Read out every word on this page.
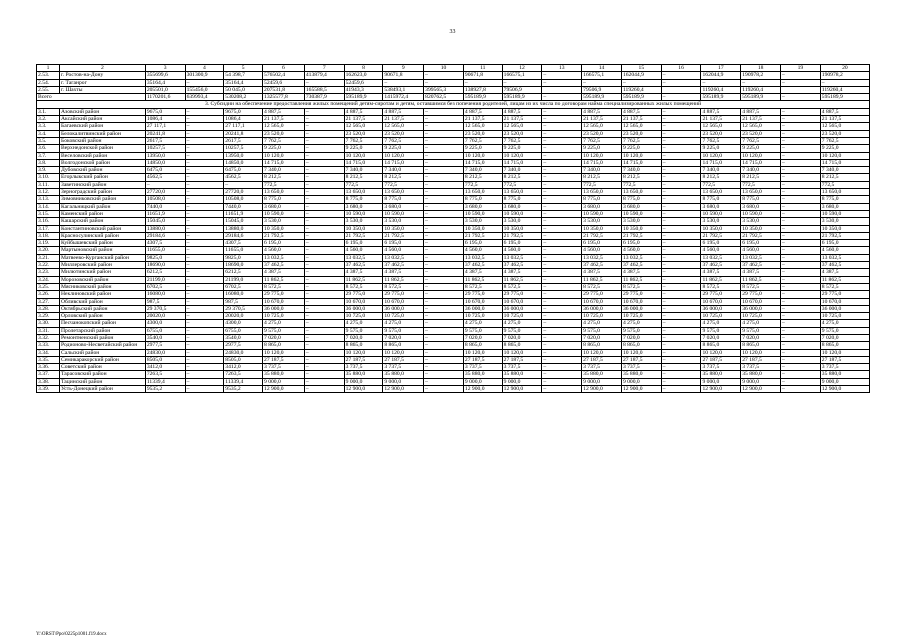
33
1	2	3	4	5	6	7	8	9	10	11	12	13	14	15	16	17	18	19	20
2.53.	г. Ростов-на-Дону	355699,6	301300,9	54 398,7	576502,4	413879,4	162623,0	90671,8	–	90671,8	166575,1	–	166575,1	162044,9	–	162044,9	190978,2	–	190978,2
2.54.	г. Таганрог	35164,4	–	35164,4	52459,6	–	52459,6	–	–	–	–	–	–	–	–	–	–	–	–
2.55.	г. Шахты	205501,0	155456,0	50 045,0	207531,8	165588,5	41943,3	538493,1	399565,3	138927,8	79506,9		79506,9	119260,4		119260,4	119260,4		119260,4
Всего		1170201,6	639993,4	530208,2	1325577,8	730387,9	595189,9	1415972,4	820762,5	595189,9	595189,9	–	595189,9	595189,9	–	595189,9	595189,9	–	595189,9
3. Субсидии на обеспечение предоставления жилых помещений детям-сиротам и детям, оставшимся без попечения родителей, лицам из их числа по договорам найма специализированных жилых помещений																			
3.1.	Азовский район	9675,0	–	9675,0	4 887,5	–	4 887,5	4 887,5	–	4 887,5	4 887,5	–	4 887,5	4 887,5	–	4 887,5	4 887,5	–	4 887,5
3.2.	Аксайский район	1086,4	–	1086,4	21 137,5	–	21 137,5	21 137,5	–	21 137,5	21 137,5	–	21 137,5	21 137,5	–	21 137,5	21 137,5	–	21 137,5
3.3.	Багаевский район	27 117,1	–	27 117,1	12 565,0	–	12 565,0	12 565,0	–	12 565,0	12 565,0	–	12 565,0	12 565,0	–	12 565,0	12 565,0	–	12 565,0
3.4.	Белокалитвинский район	20241,8	–	20241,8	23 520,0	–	23 520,0	23 520,0	–	23 520,0	23 520,0	–	23 520,0	23 520,0	–	23 520,0	23 520,0	–	23 520,0
3.5.	Боковский район	2617,5	–	2617,5	7 762,5	–	7 762,5	7 762,5	–	7 762,5	7 762,5	–	7 762,5	7 762,5	–	7 762,5	7 762,5	–	7 762,5
3.6.	Верхнедонской район	10257,5	–	10257,5	9 225,0	–	9 225,0	9 225,0	–	9 225,0	9 225,0	–	9 225,0	9 225,0	–	9 225,0	9 225,0	–	9 225,0
3.7.	Веселовский район	13950,0	–	13950,0	10 120,0	–	10 120,0	10 120,0	–	10 120,0	10 120,0	–	10 120,0	10 120,0	–	10 120,0	10 120,0	–	10 120,0
3.8.	Волгодонской район	14850,0	–	14850,0	14 715,0	–	14 715,0	14 715,0	–	14 715,0	14 715,0	–	14 715,0	14 715,0	–	14 715,0	14 715,0	–	14 715,0
3.9.	Дубовский район	6475,0	–	6475,0	7 340,0	–	7 340,0	7 340,0	–	7 340,0	7 340,0	–	7 340,0	7 340,0	–	7 340,0	7 340,0	–	7 340,0
3.10.	Егорлыкский район	4562,5	–	4562,5	8 212,5	–	8 212,5	8 212,5	–	8 212,5	8 212,5	–	8 212,5	8 212,5	–	8 212,5	8 212,5	–	8 212,5
3.11.	Заветинский район	–	–	–	772,5	–	772,5	772,5	–	772,5	772,5	–	772,5	772,5	–	772,5	772,5	–	772,5
3.12.	Зерноградский район	27720,0	–	27720,0	13 650,0	–	13 650,0	13 650,0	–	13 650,0	13 650,0	–	13 650,0	13 650,0	–	13 650,0	13 650,0	–	13 650,0
3.13.	Зимовниковский район	10508,0	–	10508,0	8 775,0	–	8 775,0	8 775,0	–	8 775,0	8 775,0	–	8 775,0	8 775,0	–	8 775,0	8 775,0	–	8 775,0
3.14.	Кагальницкий район	7440,0	–	7440,0	3 680,0	–	3 680,0	3 680,0	–	3 680,0	3 680,0	–	3 680,0	3 680,0	–	3 680,0	3 680,0	–	3 680,0
3.15.	Каменский район	11651,9	–	11651,9	10 590,0	–	10 590,0	10 590,0	–	10 590,0	10 590,0	–	10 590,0	10 590,0	–	10 590,0	10 590,0	–	10 590,0
3.16.	Кашарский район	15045,0	–	15045,0	3 530,0	–	3 530,0	3 530,0	–	3 530,0	3 530,0	–	3 530,0	3 530,0	–	3 530,0	3 530,0	–	3 530,0
3.17.	Константиновский район	13880,0	–	13880,0	10 350,0	–	10 350,0	10 350,0	–	10 350,0	10 350,0	–	10 350,0	10 350,0	–	10 350,0	10 350,0	–	10 350,0
3.18.	Красносулинский район	29184,6	–	29184,6	21 792,5	–	21 792,5	21 792,5	–	21 792,5	21 792,5	–	21 792,5	21 792,5	–	21 792,5	21 792,5	–	21 792,5
3.19.	Куйбышевский район	4307,5	–	4307,5	6 195,0	–	6 195,0	6 195,0	–	6 195,0	6 195,0	–	6 195,0	6 195,0	–	6 195,0	6 195,0	–	6 195,0
3.20.	Мартыновский район	11655,0	–	11655,0	4 560,0	–	4 560,0	4 560,0	–	4 560,0	4 560,0	–	4 560,0	4 560,0	–	4 560,0	4 560,0	–	4 560,0
3.21.	Матвеево-Курганский район	9825,0	–	9825,0	13 032,5	–	13 032,5	13 032,5	–	13 032,5	13 032,5	–	13 032,5	13 032,5	–	13 032,5	13 032,5	–	13 032,5
3.22.	Миллеровский район	18690,0	–	18690,0	37 462,5	–	37 462,5	37 462,5	–	37 462,5	37 462,5	–	37 462,5	37 462,5	–	37 462,5	37 462,5	–	37 462,5
3.23.	Милютинский район	6212,5	–	6212,5	4 387,5	–	4 387,5	4 387,5	–	4 387,5	4 387,5	–	4 387,5	4 387,5	–	4 387,5	4 387,5	–	4 387,5
3.24.	Морозовский район	21199,0	–	21199,0	11 862,5	–	11 862,5	11 862,5	–	11 862,5	11 862,5	–	11 862,5	11 862,5	–	11 862,5	11 862,5	–	11 862,5
3.25.	Мясниковский район	6702,5	–	6702,5	8 572,5	–	8 572,5	8 572,5	–	8 572,5	8 572,5	–	8 572,5	8 572,5	–	8 572,5	8 572,5	–	8 572,5
3.26.	Неклиновский район	16080,0	–	16080,0	29 775,0	–	29 775,0	29 775,0	–	29 775,0	29 775,0	–	29 775,0	29 775,0	–	29 775,0	29 775,0	–	29 775,0
3.27.	Обливский район	987,5	–	987,5	10 670,0	–	10 670,0	10 670,0	–	10 670,0	10 670,0	–	10 670,0	10 670,0	–	10 670,0	10 670,0	–	10 670,0
3.28.	Октябрьский район	29 370,5	–	29 370,5	36 000,0	–	36 000,0	36 000,0	–	36 000,0	36 000,0	–	36 000,0	36 000,0	–	36 000,0	36 000,0	–	36 000,0
3.29.	Орловский район	20020,0	–	20020,0	10 725,0	–	10 725,0	10 725,0	–	10 725,0	10 725,0	–	10 725,0	10 725,0	–	10 725,0	10 725,0	–	10 725,0
3.30.	Песчанокопский район	4300,0	–	4300,0	4 275,0	–	4 275,0	4 275,0	–	4 275,0	4 275,0	–	4 275,0	4 275,0	–	4 275,0	4 275,0	–	4 275,0
3.31.	Пролетарский район	6755,0	–	6755,0	9 575,0	–	9 575,0	9 575,0	–	9 575,0	9 575,0	–	9 575,0	9 575,0	–	9 575,0	9 575,0	–	9 575,0
3.32.	Ремонтненский район	3540,0	–	3540,0	7 020,0	–	7 020,0	7 020,0	–	7 020,0	7 020,0	–	7 020,0	7 020,0	–	7 020,0	7 020,0	–	7 020,0
3.33.	Родионово-Несветайский район	2977,5	–	2977,5	8 865,0	–	8 865,0	8 865,0	–	8 865,0	8 865,0	–	8 865,0	8 865,0	–	8 865,0	8 865,0	–	8 865,0
3.34.	Сальский район	24830,0	–	24830,0	10 120,0	–	10 120,0	10 120,0	–	10 120,0	10 120,0	–	10 120,0	10 120,0	–	10 120,0	10 120,0	–	10 120,0
3.35.	Семикаракорский район	8505,0	–	8505,0	27 187,5	–	27 187,5	27 187,5	–	27 187,5	27 187,5	–	27 187,5	27 187,5	–	27 187,5	27 187,5	–	27 187,5
3.36.	Советский район	3412,0	–	3412,0	3 737,5	–	3 737,5	3 737,5	–	3 737,5	3 737,5	–	3 737,5	3 737,5	–	3 737,5	3 737,5	–	3 737,5
3.37.	Тарасовский район	7263,5	–	7263,5	35 880,0	–	35 880,0	35 880,0	–	35 880,0	35 880,0	–	35 880,0	35 880,0	–	35 880,0	35 880,0	–	35 880,0
3.38.	Тацинский район	11339,4	–	11339,4	9 000,0	–	9 000,0	9 000,0	–	9 000,0	9 000,0	–	9 000,0	9 000,0	–	9 000,0	9 000,0	–	9 000,0
3.39.	Усть-Донецкий район	9535,2	–	9535,2	12 900,0	–	12 900,0	12 900,0	–	12 900,0	12 900,0	–	12 900,0	12 900,0	–	12 900,0	12 900,0	–	12 900,0
Y:\ORST\Ppo\0225p1001.f19.docx
